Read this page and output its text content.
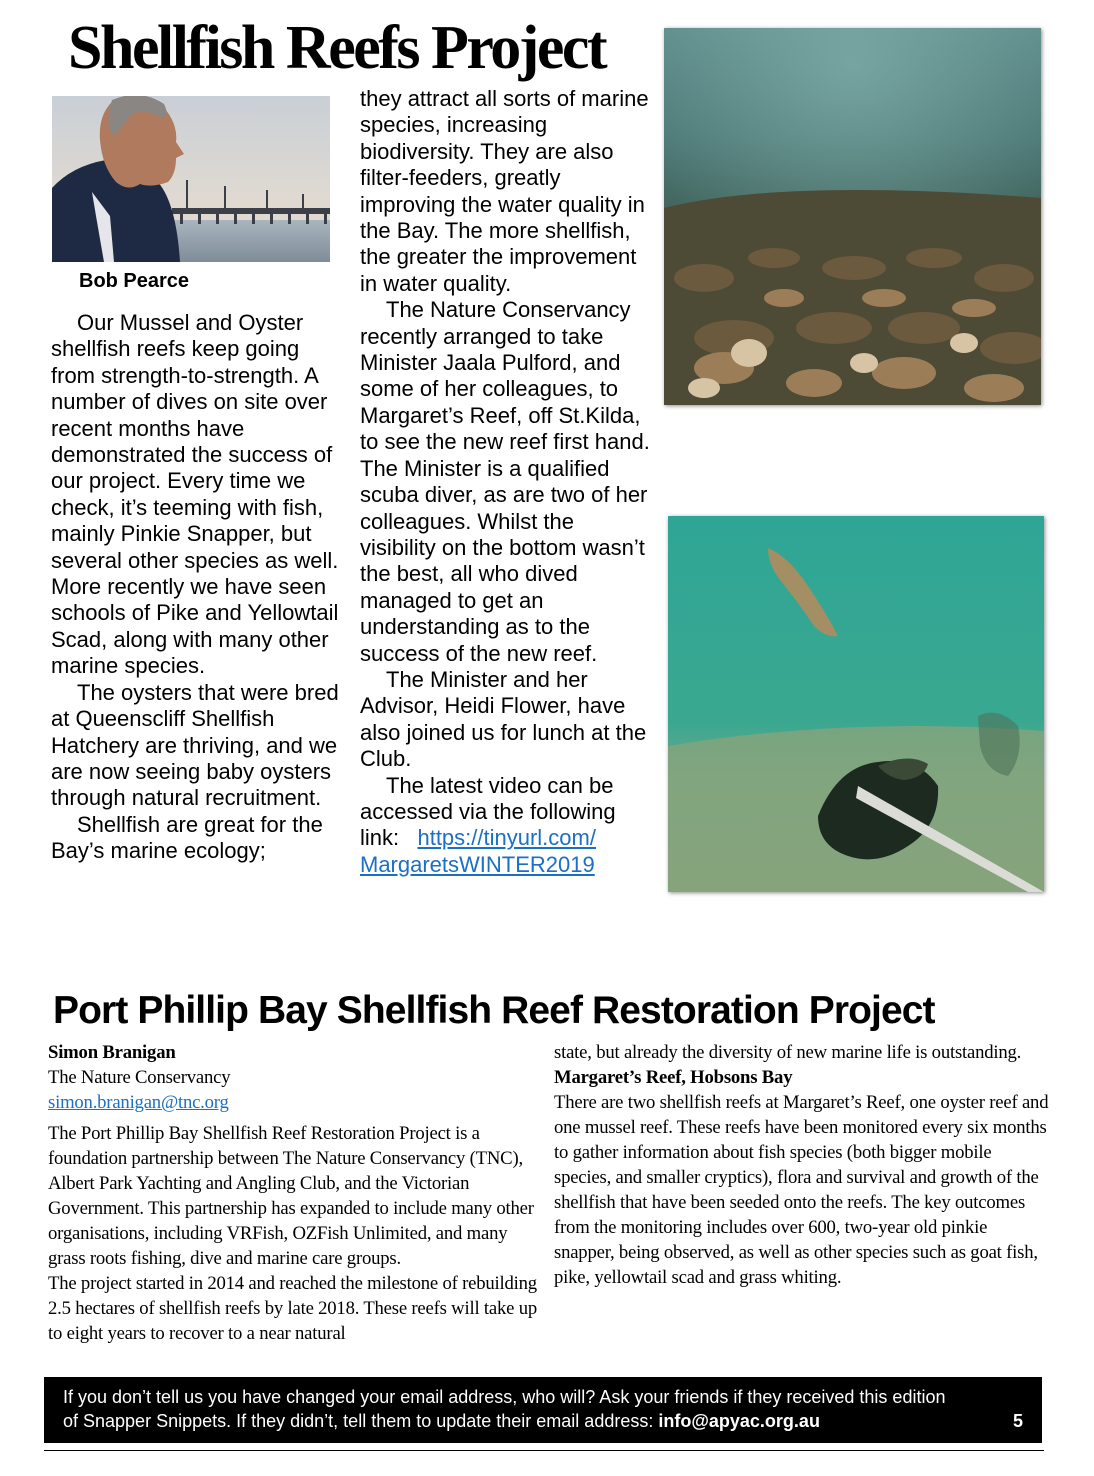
Shellfish Reefs Project

Bob Pearce

Our Mussel and Oyster shellfish reefs keep going from strength-to-strength. A number of dives on site over recent months have demonstrated the success of our project. Every time we check, it’s teeming with fish, mainly Pinkie Snapper, but several other species as well. More recently we have seen schools of Pike and Yellowtail Scad, along with many other marine species.

The oysters that were bred at Queenscliff Shellfish Hatchery are thriving, and we are now seeing baby oysters through natural recruitment.

Shellfish are great for the Bay’s marine ecology;

they attract all sorts of marine species, increasing biodiversity. They are also filter-feeders, greatly improving the water quality in the Bay. The more shellfish, the greater the improvement in water quality.

The Nature Conservancy recently arranged to take Minister Jaala Pulford, and some of her colleagues, to Margaret’s Reef, off St.Kilda, to see the new reef first hand. The Minister is a qualified scuba diver, as are two of her colleagues. Whilst the visibility on the bottom wasn’t the best, all who dived managed to get an understanding as to the success of the new reef.

The Minister and her Advisor, Heidi Flower, have also joined us for lunch at the Club.

The latest video can be accessed via the following link: https://tinyurl.com/ MargaretsWINTER2019

Port Phillip Bay Shellfish Reef Restoration Project

Simon Branigan

The Nature Conservancy

simon.branigan@tnc.org

The Port Phillip Bay Shellfish Reef Restoration Project is a foundation partnership between The Nature Conservancy (TNC), Albert Park Yachting and Angling Club, and the Victorian Government. This partnership has expanded to include many other organisations, including VRFish, OZFish Unlimited, and many grass roots fishing, dive and marine care groups.

The project started in 2014 and reached the milestone of rebuilding 2.5 hectares of shellfish reefs by late 2018. These reefs will take up to eight years to recover to a near natural

state, but already the diversity of new marine life is outstanding.

Margaret’s Reef, Hobsons Bay

There are two shellfish reefs at Margaret’s Reef, one oyster reef and one mussel reef. These reefs have been monitored every six months to gather information about fish species (both bigger mobile species, and smaller cryptics), flora and survival and growth of the shellfish that have been seeded onto the reefs. The key outcomes from the monitoring includes over 600, two-year old pinkie snapper, being observed, as well as other species such as goat fish, pike, yellowtail scad and grass whiting.

If you don’t tell us you have changed your email address, who will? Ask your friends if they received this edition
of Snapper Snippets. If they didn’t, tell them to update their email address: info@apyac.org.au	5
